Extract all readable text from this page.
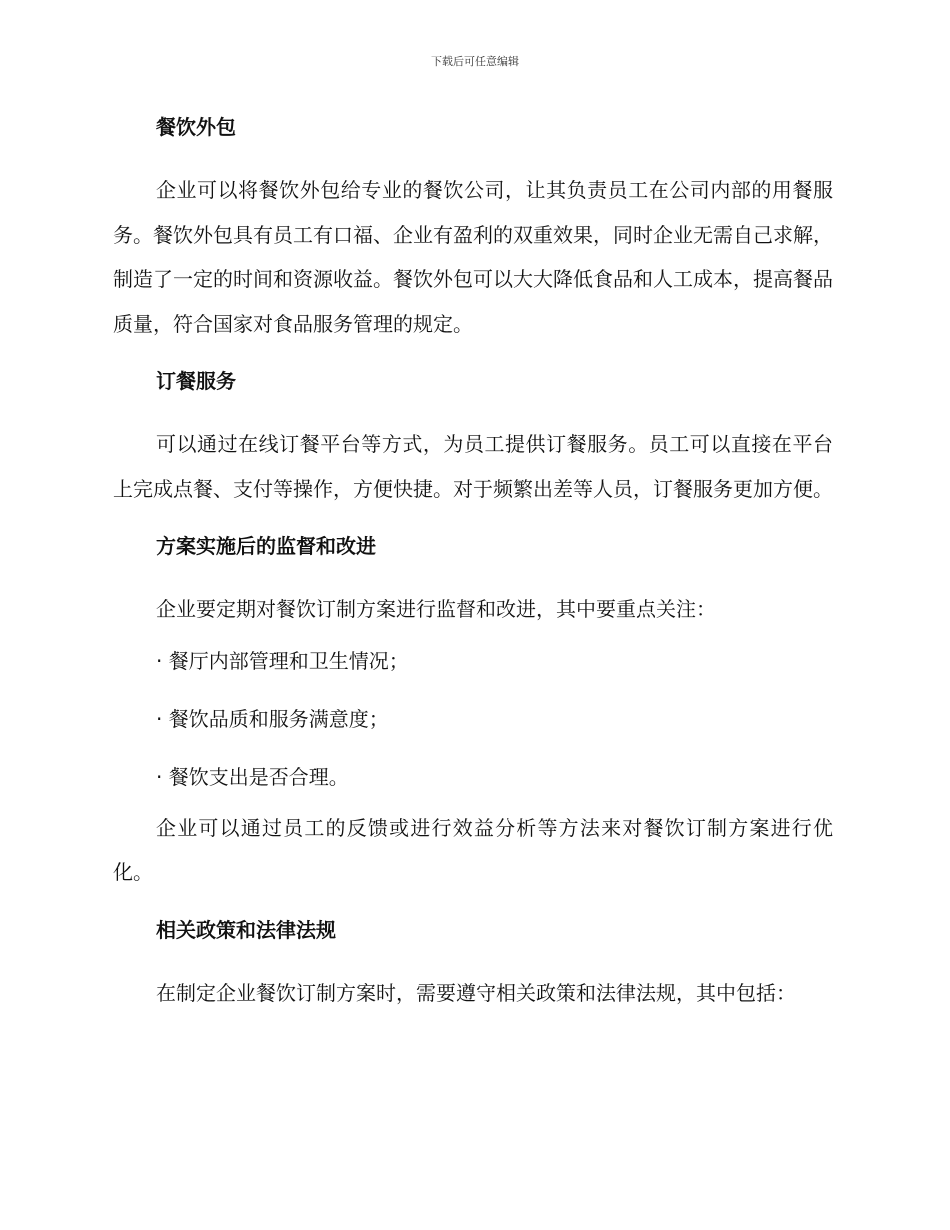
下载后可任意编辑
餐饮外包

企业可以将餐饮外包给专业的餐饮公司，让其负责员工在公司内部的用餐服务。餐饮外包具有员工有口福、企业有盈利的双重效果，同时企业无需自己求解，制造了一定的时间和资源收益。餐饮外包可以大大降低食品和人工成本，提高餐品质量，符合国家对食品服务管理的规定。

订餐服务

可以通过在线订餐平台等方式，为员工提供订餐服务。员工可以直接在平台上完成点餐、支付等操作，方便快捷。对于频繁出差等人员，订餐服务更加方便。

方案实施后的监督和改进

企业要定期对餐饮订制方案进行监督和改进，其中要重点关注：

· 餐厅内部管理和卫生情况；

· 餐饮品质和服务满意度；

· 餐饮支出是否合理。

企业可以通过员工的反馈或进行效益分析等方法来对餐饮订制方案进行优化。

相关政策和法律法规

在制定企业餐饮订制方案时，需要遵守相关政策和法律法规，其中包括：
